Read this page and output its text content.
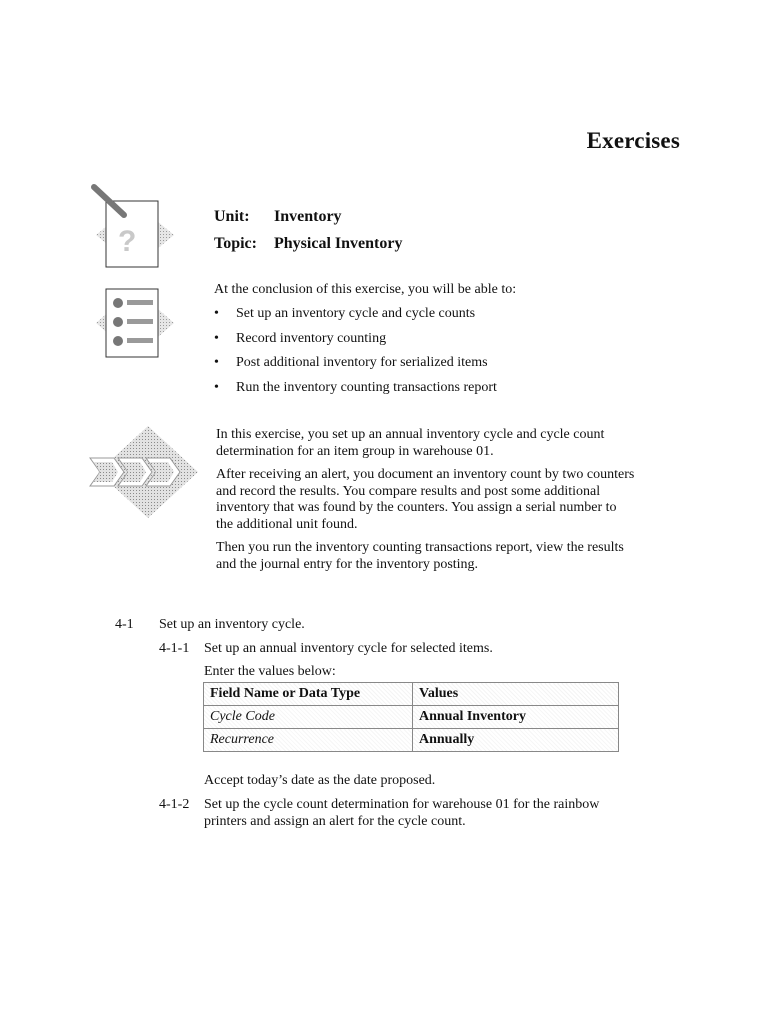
Exercises
?
Unit: Inventory
Topic: Physical Inventory
At the conclusion of this exercise, you will be able to:
• Set up an inventory cycle and cycle counts
• Record inventory counting
• Post additional inventory for serialized items
• Run the inventory counting transactions report
In this exercise, you set up an annual inventory cycle and cycle count determination for an item group in warehouse 01.
After receiving an alert, you document an inventory count by two counters and record the results. You compare results and post some additional inventory that was found by the counters. You assign a serial number to the additional unit found.
Then you run the inventory counting transactions report, view the results and the journal entry for the inventory posting.
4-1 Set up an inventory cycle.
4-1-1 Set up an annual inventory cycle for selected items.
Enter the values below:
Field Name or Data Type	Values
Cycle Code	Annual Inventory
Recurrence	Annually
Accept today’s date as the date proposed.
4-1-2 Set up the cycle count determination for warehouse 01 for the rainbow printers and assign an alert for the cycle count.
